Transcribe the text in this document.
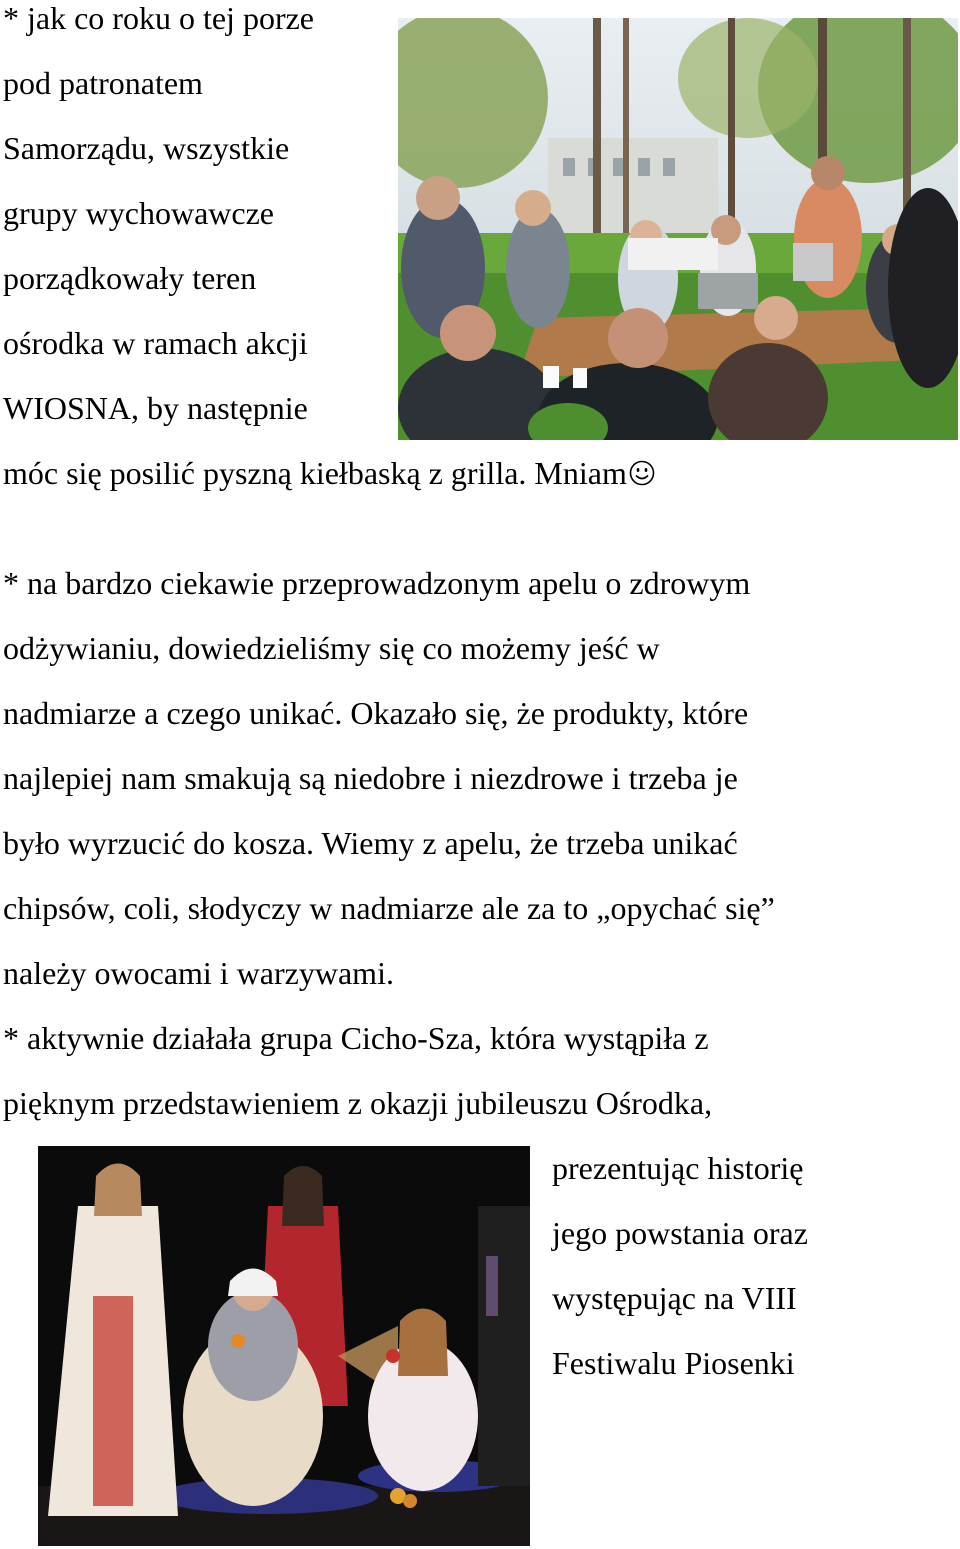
* jak co roku o tej porze
pod patronatem
Samorządu, wszystkie
grupy wychowawcze
porządkowały teren
ośrodka w ramach akcji
WIOSNA, by następnie
móc się posilić pyszną kiełbaską z grilla. Mniam
* na bardzo ciekawie przeprowadzonym apelu o zdrowym
odżywianiu, dowiedzieliśmy się co możemy jeść w
nadmiarze a czego unikać. Okazało się, że produkty, które
najlepiej nam smakują są niedobre i niezdrowe i trzeba je
było wyrzucić do kosza. Wiemy z apelu, że trzeba unikać
chipsów, coli, słodyczy w nadmiarze ale za to „opychać się”
należy owocami i warzywami.
* aktywnie działała grupa Cicho-Sza, która wystąpiła z
pięknym przedstawieniem z okazji jubileuszu Ośrodka,
prezentując historię
jego powstania oraz
występując na VIII
Festiwalu Piosenki
